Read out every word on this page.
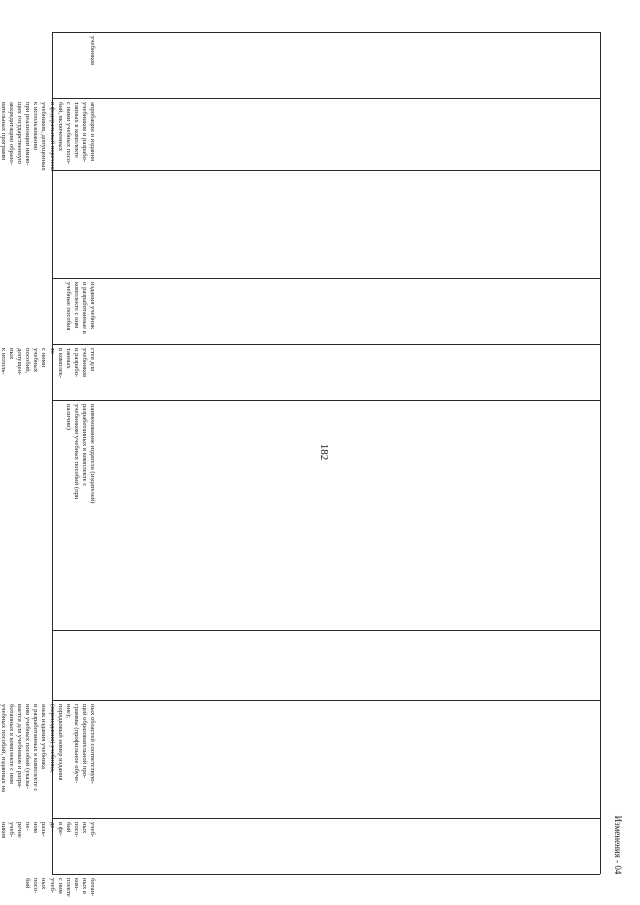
182
Изменения - 04
учебников
апробации и издания
учебников и разрабо-
танных в комплекте
с ними учебных посо-
бий, включенных
в федеральный перечень
учебников, допущенных
к использованию
при реализации имею-
щих государственную
аккредитацию образо-
вательных программ
издания учебник
и разработанные в
комплекте с ним
учебные пособия
стея для
учебников
и разрабо-
танных
в комплек-
те
с ними
учебных
пособий,
допущен-
ных
к исполь-
наименование издателя (издателей)
разработанных в комплекте с
учебником учебных пособий (при
наличии)
ных областей соответствую-
щей образовательной про-
граммы (профильное обуче-
ние);
порядковый номер издания
(переиздания) учебника,
язык издания учебника
и разработанных в комплекте с
ним учебных пособий (указы-
вается для учебников и разра-
ботанных в комплекте с ним
учебных пособий, изданных на
учеб-
ных
посо-
бий
в фе-
де-
раль-
ном
пе-
речне
учеб-
ников
ботан-
ных в
ком-
плекте
с ним
учеб-
ных
посо-
бий
